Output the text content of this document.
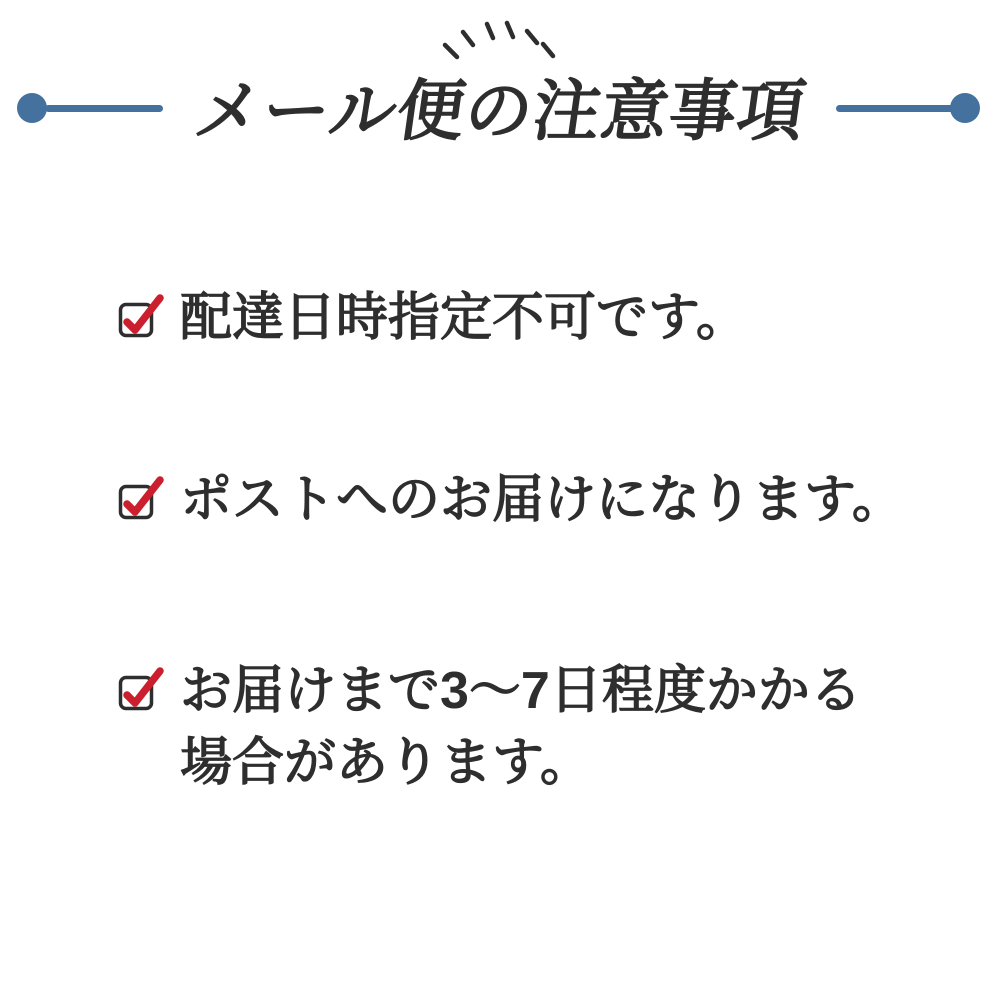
メール便の注意事項

配達日時指定不可です。

ポストへのお届けになります。

お届けまで3〜7日程度かかる
場合があります。
